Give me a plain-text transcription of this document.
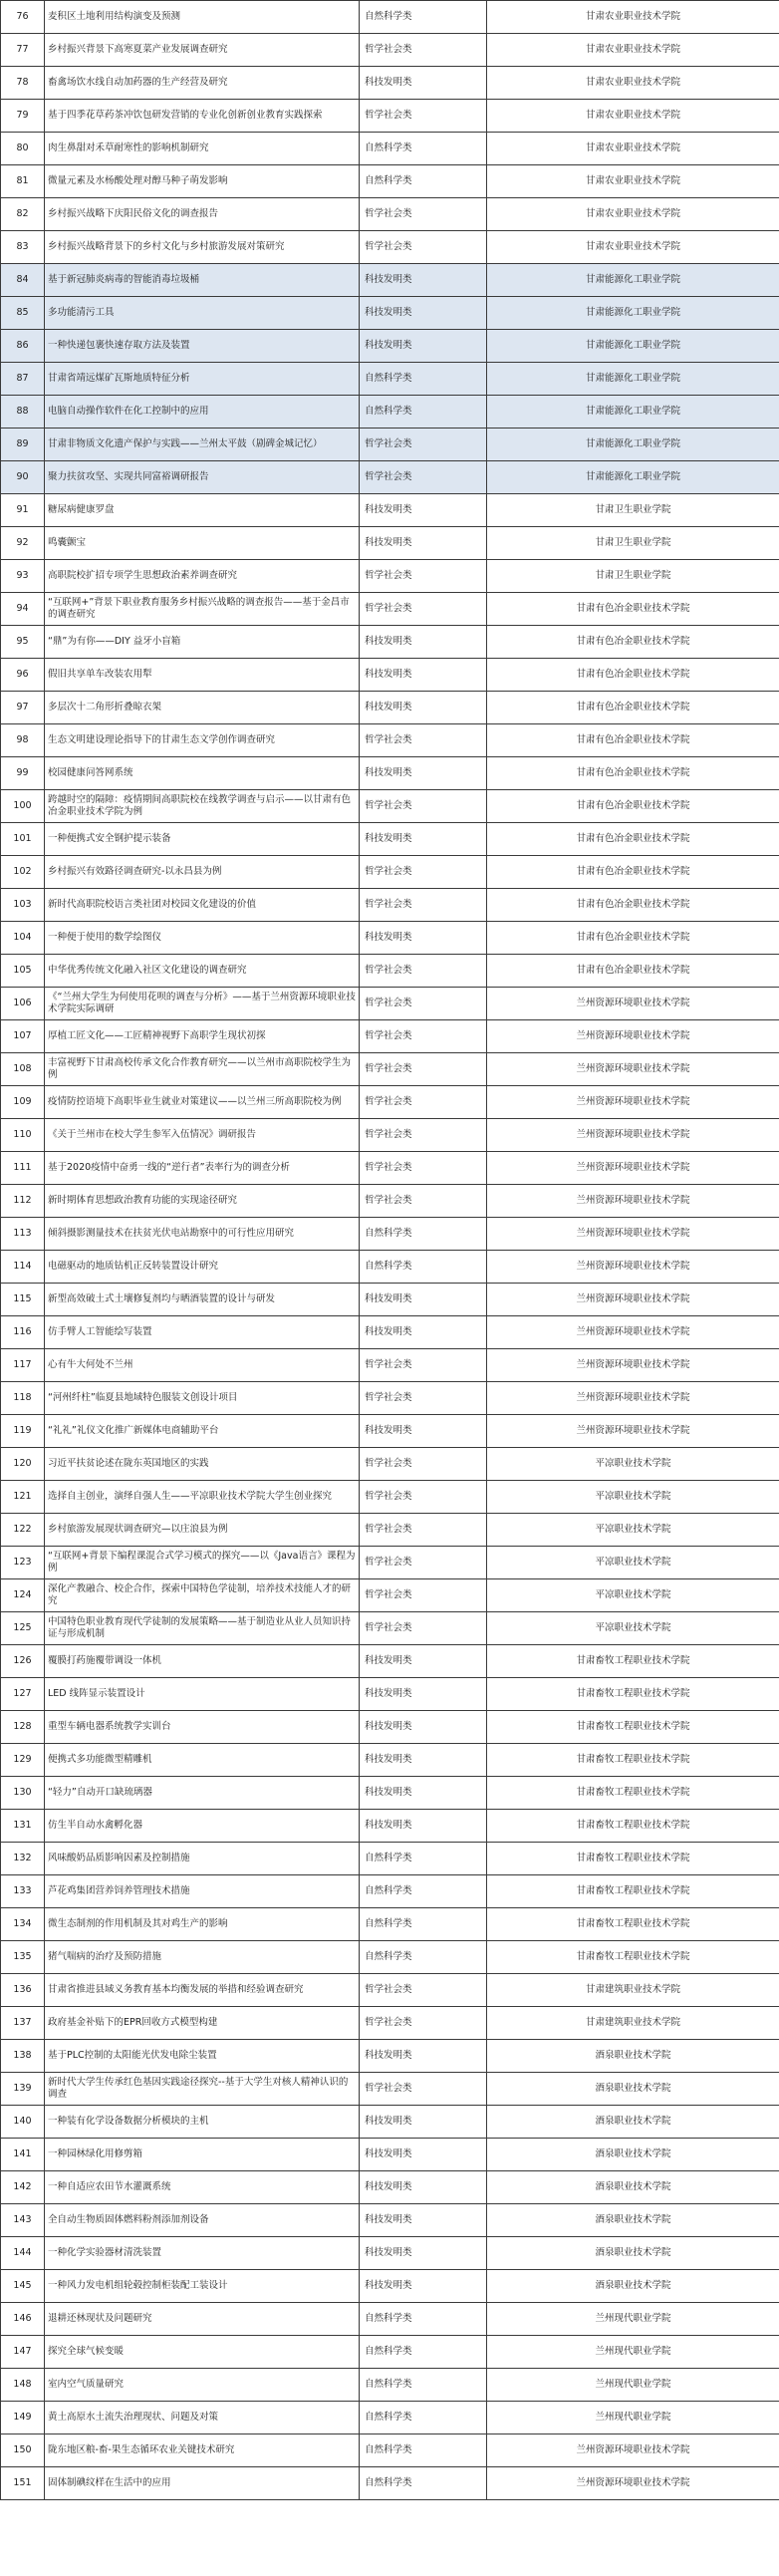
76	麦积区土地利用结构演变及预测	自然科学类	甘肃农业职业技术学院
77	乡村振兴背景下高寒夏菜产业发展调查研究	哲学社会类	甘肃农业职业技术学院
78	畜禽场饮水线自动加药器的生产经营及研究	科技发明类	甘肃农业职业技术学院
79	基于四季花草药茶冲饮包研发营销的专业化创新创业教育实践探索	哲学社会类	甘肃农业职业技术学院
80	肉生鼻甜对禾草耐寒性的影响机制研究	自然科学类	甘肃农业职业技术学院
81	微量元素及水杨酸处理对醇马种子萌发影响	自然科学类	甘肃农业职业技术学院
82	乡村振兴战略下庆阳民俗文化的调查报告	哲学社会类	甘肃农业职业技术学院
83	乡村振兴战略背景下的乡村文化与乡村旅游发展对策研究	哲学社会类	甘肃农业职业技术学院
84	基于新冠肺炎病毒的智能消毒垃圾桶	科技发明类	甘肃能源化工职业学院
85	多功能清污工具	科技发明类	甘肃能源化工职业学院
86	一种快递包裹快速存取方法及装置	科技发明类	甘肃能源化工职业学院
87	甘肃省靖远煤矿瓦斯地质特征分析	自然科学类	甘肃能源化工职业学院
88	电脑自动操作软件在化工控制中的应用	自然科学类	甘肃能源化工职业学院
89	甘肃非物质文化遗产保护与实践——兰州太平鼓（剧碑金城记忆）	哲学社会类	甘肃能源化工职业学院
90	聚力扶贫攻坚、实现共同富裕调研报告	哲学社会类	甘肃能源化工职业学院
91	糖尿病健康罗盘	科技发明类	甘肃卫生职业学院
92	鸣囊颤宝	科技发明类	甘肃卫生职业学院
93	高职院校扩招专项学生思想政治素养调查研究	哲学社会类	甘肃卫生职业学院
94	“互联网+”背景下职业教育服务乡村振兴战略的调查报告——基于金昌市的调查研究	哲学社会类	甘肃有色冶金职业技术学院
95	“鼎”为有你——DIY 益牙小盲箱	科技发明类	甘肃有色冶金职业技术学院
96	假旧共享单车改装农用犁	科技发明类	甘肃有色冶金职业技术学院
97	多层次十二角形折叠晾衣架	科技发明类	甘肃有色冶金职业技术学院
98	生态文明建设理论指导下的甘肃生态文学创作调查研究	哲学社会类	甘肃有色冶金职业技术学院
99	校园健康问答网系统	科技发明类	甘肃有色冶金职业技术学院
100	跨越时空的隔障：疫情期间高职院校在线教学调查与启示——以甘肃有色冶金职业技术学院为例	哲学社会类	甘肃有色冶金职业技术学院
101	一种便携式安全钢护提示装备	科技发明类	甘肃有色冶金职业技术学院
102	乡村振兴有效路径调查研究-以永昌县为例	哲学社会类	甘肃有色冶金职业技术学院
103	新时代高职院校语言类社团对校园文化建设的价值	哲学社会类	甘肃有色冶金职业技术学院
104	一种便于使用的数学绘图仪	科技发明类	甘肃有色冶金职业技术学院
105	中华优秀传统文化融入社区文化建设的调查研究	哲学社会类	甘肃有色冶金职业技术学院
106	《“兰州大学生为何使用花呗的调查与分析》——基于兰州资源环境职业技术学院实际调研	哲学社会类	兰州资源环境职业技术学院
107	厚植工匠文化——工匠精神视野下高职学生现状初探	哲学社会类	兰州资源环境职业技术学院
108	丰富视野下甘肃高校传承文化合作教育研究——以兰州市高职院校学生为例	哲学社会类	兰州资源环境职业技术学院
109	疫情防控语境下高职毕业生就业对策建议——以兰州三所高职院校为例	哲学社会类	兰州资源环境职业技术学院
110	《关于兰州市在校大学生参军入伍情况》调研报告	哲学社会类	兰州资源环境职业技术学院
111	基于2020疫情中奋勇一线的“逆行者”表率行为的调查分析	哲学社会类	兰州资源环境职业技术学院
112	新时期体育思想政治教育功能的实现途径研究	哲学社会类	兰州资源环境职业技术学院
113	倾斜摄影测量技术在扶贫光伏电站勘察中的可行性应用研究	自然科学类	兰州资源环境职业技术学院
114	电磁驱动的地质钻机正反转装置设计研究	自然科学类	兰州资源环境职业技术学院
115	新型高效破土式土壤修复剂均与晒酒装置的设计与研发	科技发明类	兰州资源环境职业技术学院
116	仿手臂人工智能绘写装置	科技发明类	兰州资源环境职业技术学院
117	心有牛大何处不兰州	哲学社会类	兰州资源环境职业技术学院
118	“河州纤柱”临夏县地域特色服装文创设计项目	哲学社会类	兰州资源环境职业技术学院
119	“礼礼”礼仪文化推广新媒体电商辅助平台	科技发明类	兰州资源环境职业技术学院
120	习近平扶贫论述在陇东英国地区的实践	哲学社会类	平凉职业技术学院
121	选择自主创业，演绎自强人生——平凉职业技术学院大学生创业探究	哲学社会类	平凉职业技术学院
122	乡村旅游发展现状调查研究—以庄浪县为例	哲学社会类	平凉职业技术学院
123	“互联网+背景下编程课混合式学习模式的探究——以《Java语言》课程为例	哲学社会类	平凉职业技术学院
124	深化产教融合、校企合作，探索中国特色学徒制，培养技术技能人才的研究	哲学社会类	平凉职业技术学院
125	中国特色职业教育现代学徒制的发展策略——基于制造业从业人员知识持证与形成机制	哲学社会类	平凉职业技术学院
126	覆膜打药施覆带调设一体机	科技发明类	甘肃畜牧工程职业技术学院
127	LED 线阵显示装置设计	科技发明类	甘肃畜牧工程职业技术学院
128	重型车辆电器系统教学实训台	科技发明类	甘肃畜牧工程职业技术学院
129	便携式多功能微型精雕机	科技发明类	甘肃畜牧工程职业技术学院
130	“轻力”自动开口缺琉璃器	科技发明类	甘肃畜牧工程职业技术学院
131	仿生半自动水禽孵化器	科技发明类	甘肃畜牧工程职业技术学院
132	风味酸奶品质影响因素及控制措施	自然科学类	甘肃畜牧工程职业技术学院
133	芦花鸡集团营养饲养管理技术措施	自然科学类	甘肃畜牧工程职业技术学院
134	微生态制剂的作用机制及其对鸡生产的影响	自然科学类	甘肃畜牧工程职业技术学院
135	猪气喘病的治疗及预防措施	自然科学类	甘肃畜牧工程职业技术学院
136	甘肃省推进县域义务教育基本均衡发展的举措和经验调查研究	哲学社会类	甘肃建筑职业技术学院
137	政府基金补贴下的EPR回收方式模型构建	哲学社会类	甘肃建筑职业技术学院
138	基于PLC控制的太阳能光伏发电除尘装置	科技发明类	酒泉职业技术学院
139	新时代大学生传承红色基因实践途径探究--基于大学生对核人精神认识的调查	哲学社会类	酒泉职业技术学院
140	一种装有化学设备数据分析模块的主机	科技发明类	酒泉职业技术学院
141	一种园林绿化用修剪箱	科技发明类	酒泉职业技术学院
142	一种自适应农田节水灌溉系统	科技发明类	酒泉职业技术学院
143	全自动生物质固体燃料粉剂添加剂设备	科技发明类	酒泉职业技术学院
144	一种化学实验器材清洗装置	科技发明类	酒泉职业技术学院
145	一种风力发电机组轮毂控制柜装配工装设计	科技发明类	酒泉职业技术学院
146	退耕还林现状及问题研究	自然科学类	兰州现代职业学院
147	探究全球气候变暖	自然科学类	兰州现代职业学院
148	室内空气质量研究	自然科学类	兰州现代职业学院
149	黄土高原水土流失治理现状、问题及对策	自然科学类	兰州现代职业学院
150	陇东地区粮-畜-果生态循环农业关键技术研究	自然科学类	兰州资源环境职业技术学院
151	固体制碘纹样在生活中的应用	自然科学类	兰州资源环境职业技术学院
